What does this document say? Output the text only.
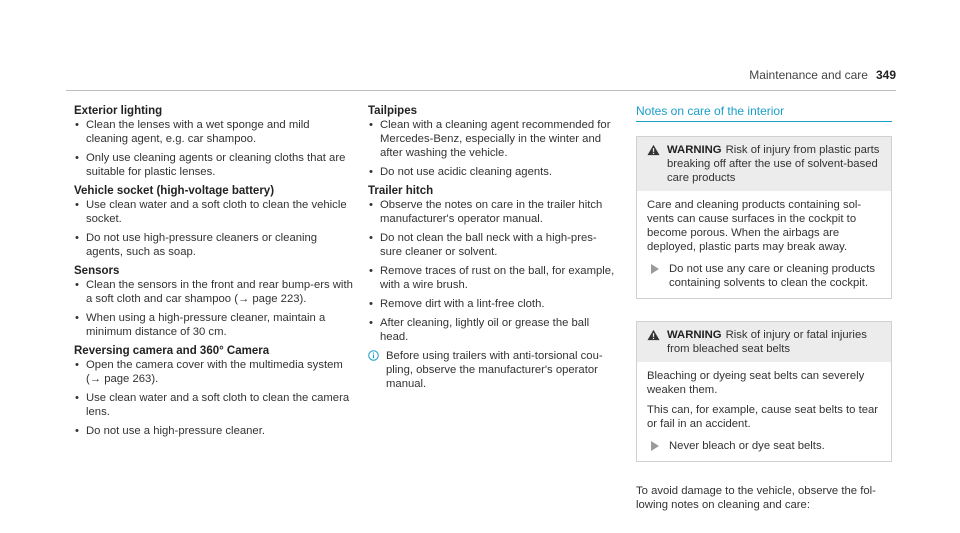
Maintenance and care 349
Exterior lighting
• Clean the lenses with a wet sponge and mild cleaning agent, e.g. car shampoo.
• Only use cleaning agents or cleaning cloths that are suitable for plastic lenses.
Vehicle socket (high-voltage battery)
• Use clean water and a soft cloth to clean the vehicle socket.
• Do not use high-pressure cleaners or cleaning agents, such as soap.
Sensors
• Clean the sensors in the front and rear bump-ers with a soft cloth and car shampoo (→ page 223).
• When using a high-pressure cleaner, maintain a minimum distance of 30 cm.
Reversing camera and 360° Camera
• Open the camera cover with the multimedia system (→ page 263).
• Use clean water and a soft cloth to clean the camera lens.
• Do not use a high-pressure cleaner.
Tailpipes
• Clean with a cleaning agent recommended for Mercedes-Benz, especially in the winter and after washing the vehicle.
• Do not use acidic cleaning agents.
Trailer hitch
• Observe the notes on care in the trailer hitch manufacturer's operator manual.
• Do not clean the ball neck with a high-pres-sure cleaner or solvent.
• Remove traces of rust on the ball, for example, with a wire brush.
• Remove dirt with a lint-free cloth.
• After cleaning, lightly oil or grease the ball head.
Before using trailers with anti-torsional cou-pling, observe the manufacturer's operator manual.
Notes on care of the interior
WARNING Risk of injury from plastic parts breaking off after the use of solvent-based care products

Care and cleaning products containing sol-vents can cause surfaces in the cockpit to become porous. When the airbags are deployed, plastic parts may break away.

Do not use any care or cleaning products containing solvents to clean the cockpit.
WARNING Risk of injury or fatal injuries from bleached seat belts

Bleaching or dyeing seat belts can severely weaken them.

This can, for example, cause seat belts to tear or fail in an accident.

Never bleach or dye seat belts.

To avoid damage to the vehicle, observe the fol-lowing notes on cleaning and care:
